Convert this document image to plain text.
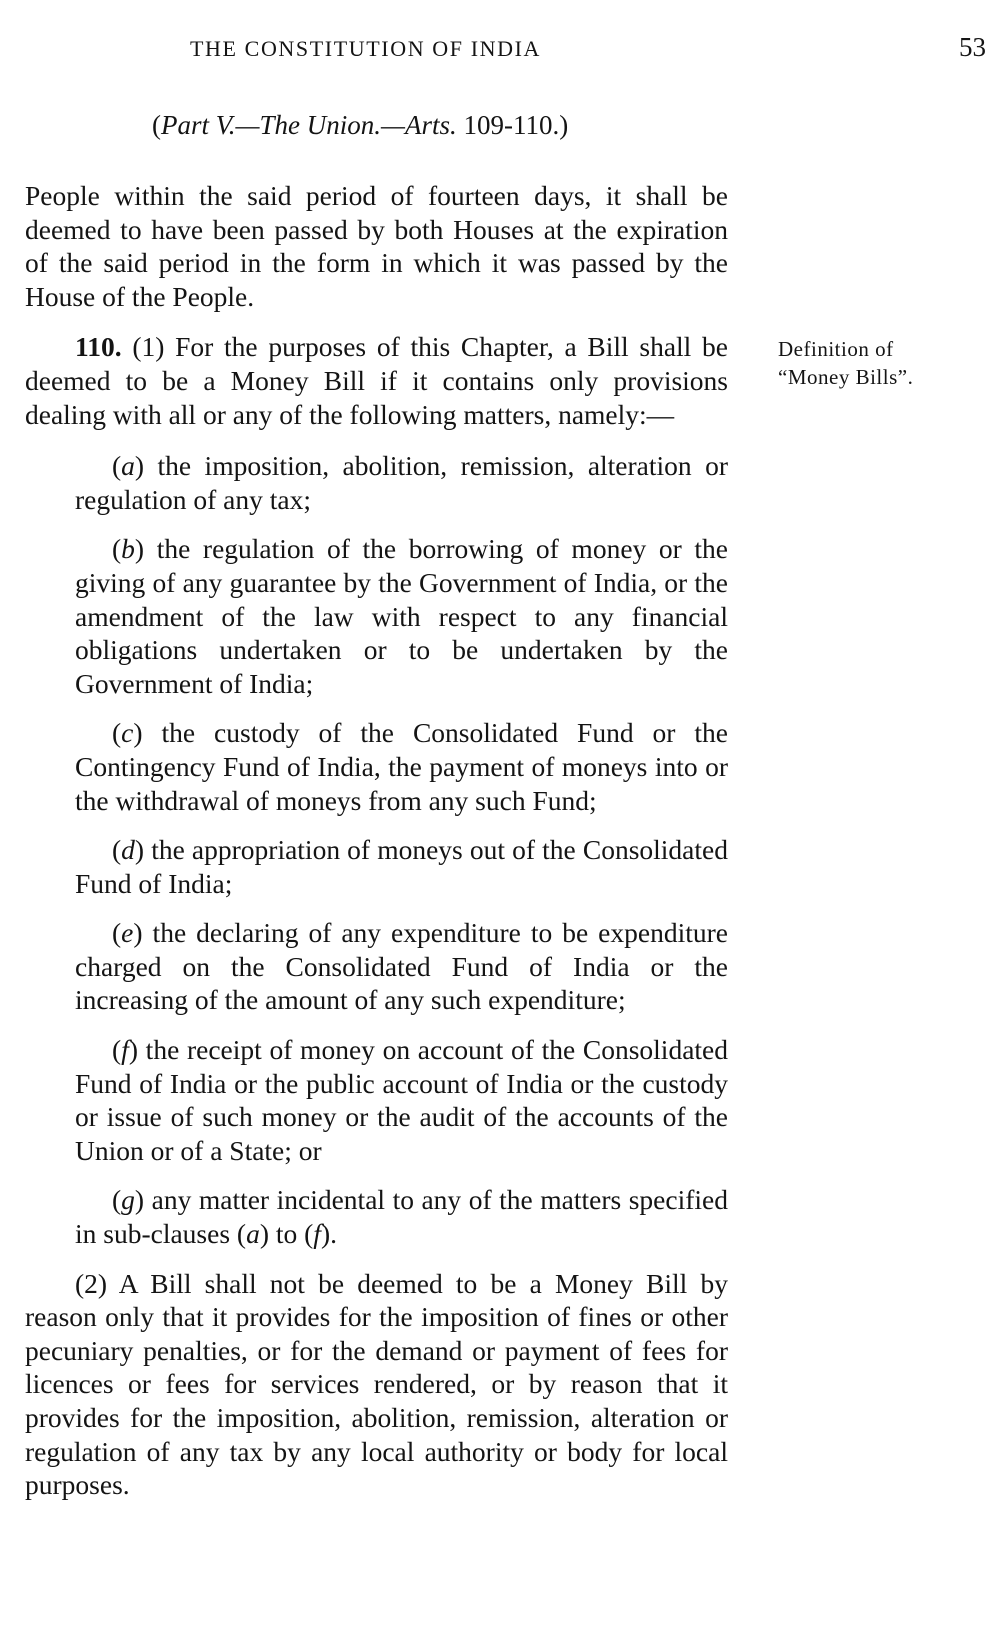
THE CONSTITUTION OF INDIA	53
(Part V.—The Union.—Arts. 109-110.)

People within the said period of fourteen days, it shall be deemed to have been passed by both Houses at the expiration of the said period in the form in which it was passed by the House of the People.

110. (1) For the purposes of this Chapter, a Bill shall be deemed to be a Money Bill if it contains only provisions dealing with all or any of the following matters, namely:—

(a) the imposition, abolition, remission, alteration or regulation of any tax;

(b) the regulation of the borrowing of money or the giving of any guarantee by the Government of India, or the amendment of the law with respect to any financial obligations undertaken or to be undertaken by the Government of India;

(c) the custody of the Consolidated Fund or the Contingency Fund of India, the payment of moneys into or the withdrawal of moneys from any such Fund;

(d) the appropriation of moneys out of the Consolidated Fund of India;

(e) the declaring of any expenditure to be expenditure charged on the Consolidated Fund of India or the increasing of the amount of any such expenditure;

(f) the receipt of money on account of the Consolidated Fund of India or the public account of India or the custody or issue of such money or the audit of the accounts of the Union or of a State; or

(g) any matter incidental to any of the matters specified in sub-clauses (a) to (f).

(2) A Bill shall not be deemed to be a Money Bill by reason only that it provides for the imposition of fines or other pecuniary penalties, or for the demand or payment of fees for licences or fees for services rendered, or by reason that it provides for the imposition, abolition, remission, alteration or regulation of any tax by any local authority or body for local purposes.

Definition of
“Money Bills”.
